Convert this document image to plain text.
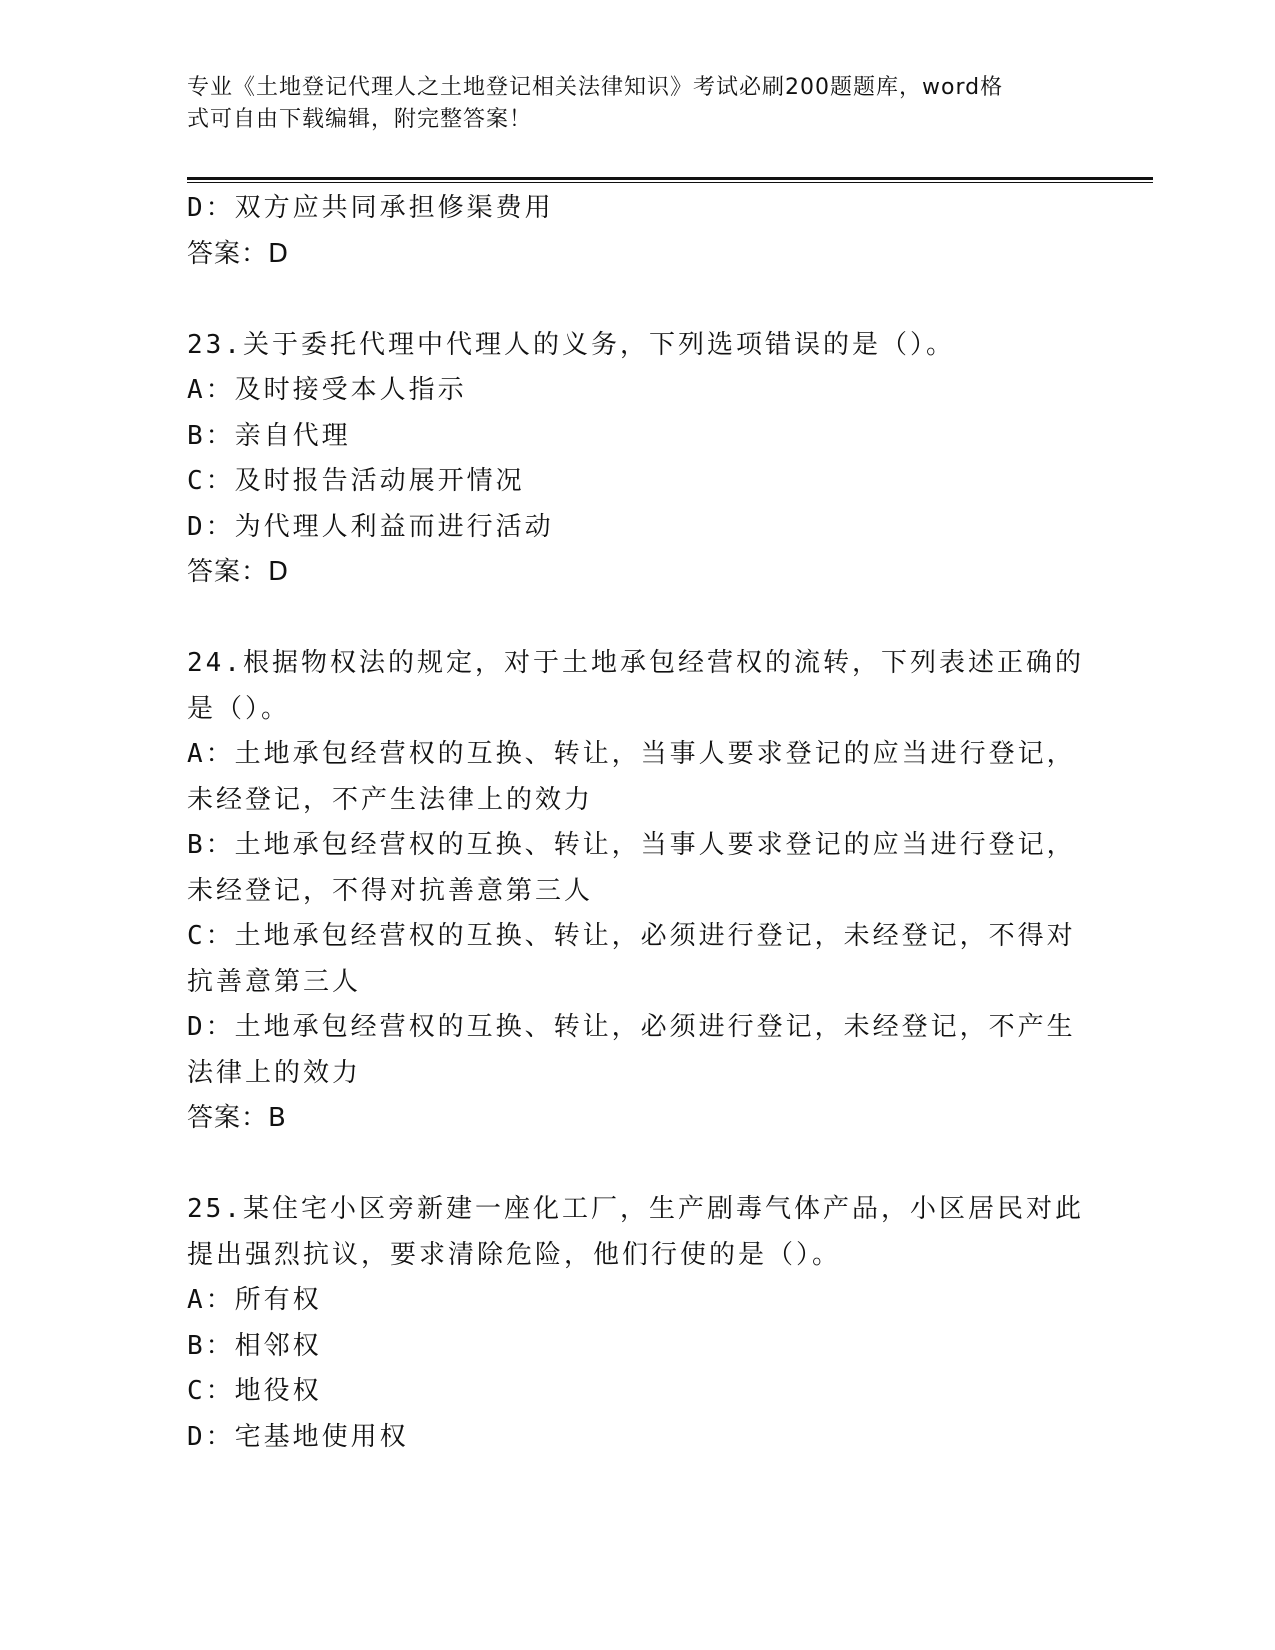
专业《土地登记代理人之土地登记相关法律知识》考试必刷200题题库，word格
式可自由下载编辑，附完整答案！
D：双方应共同承担修渠费用
答案：D
23.关于委托代理中代理人的义务，下列选项错误的是（）。
A：及时接受本人指示
B：亲自代理
C：及时报告活动展开情况
D：为代理人利益而进行活动
答案：D
24.根据物权法的规定，对于土地承包经营权的流转，下列表述正确的
是（）。
A：土地承包经营权的互换、转让，当事人要求登记的应当进行登记，
未经登记，不产生法律上的效力
B：土地承包经营权的互换、转让，当事人要求登记的应当进行登记，
未经登记，不得对抗善意第三人
C：土地承包经营权的互换、转让，必须进行登记，未经登记，不得对
抗善意第三人
D：土地承包经营权的互换、转让，必须进行登记，未经登记，不产生
法律上的效力
答案：B
25.某住宅小区旁新建一座化工厂，生产剧毒气体产品，小区居民对此
提出强烈抗议，要求清除危险，他们行使的是（）。
A：所有权
B：相邻权
C：地役权
D：宅基地使用权
